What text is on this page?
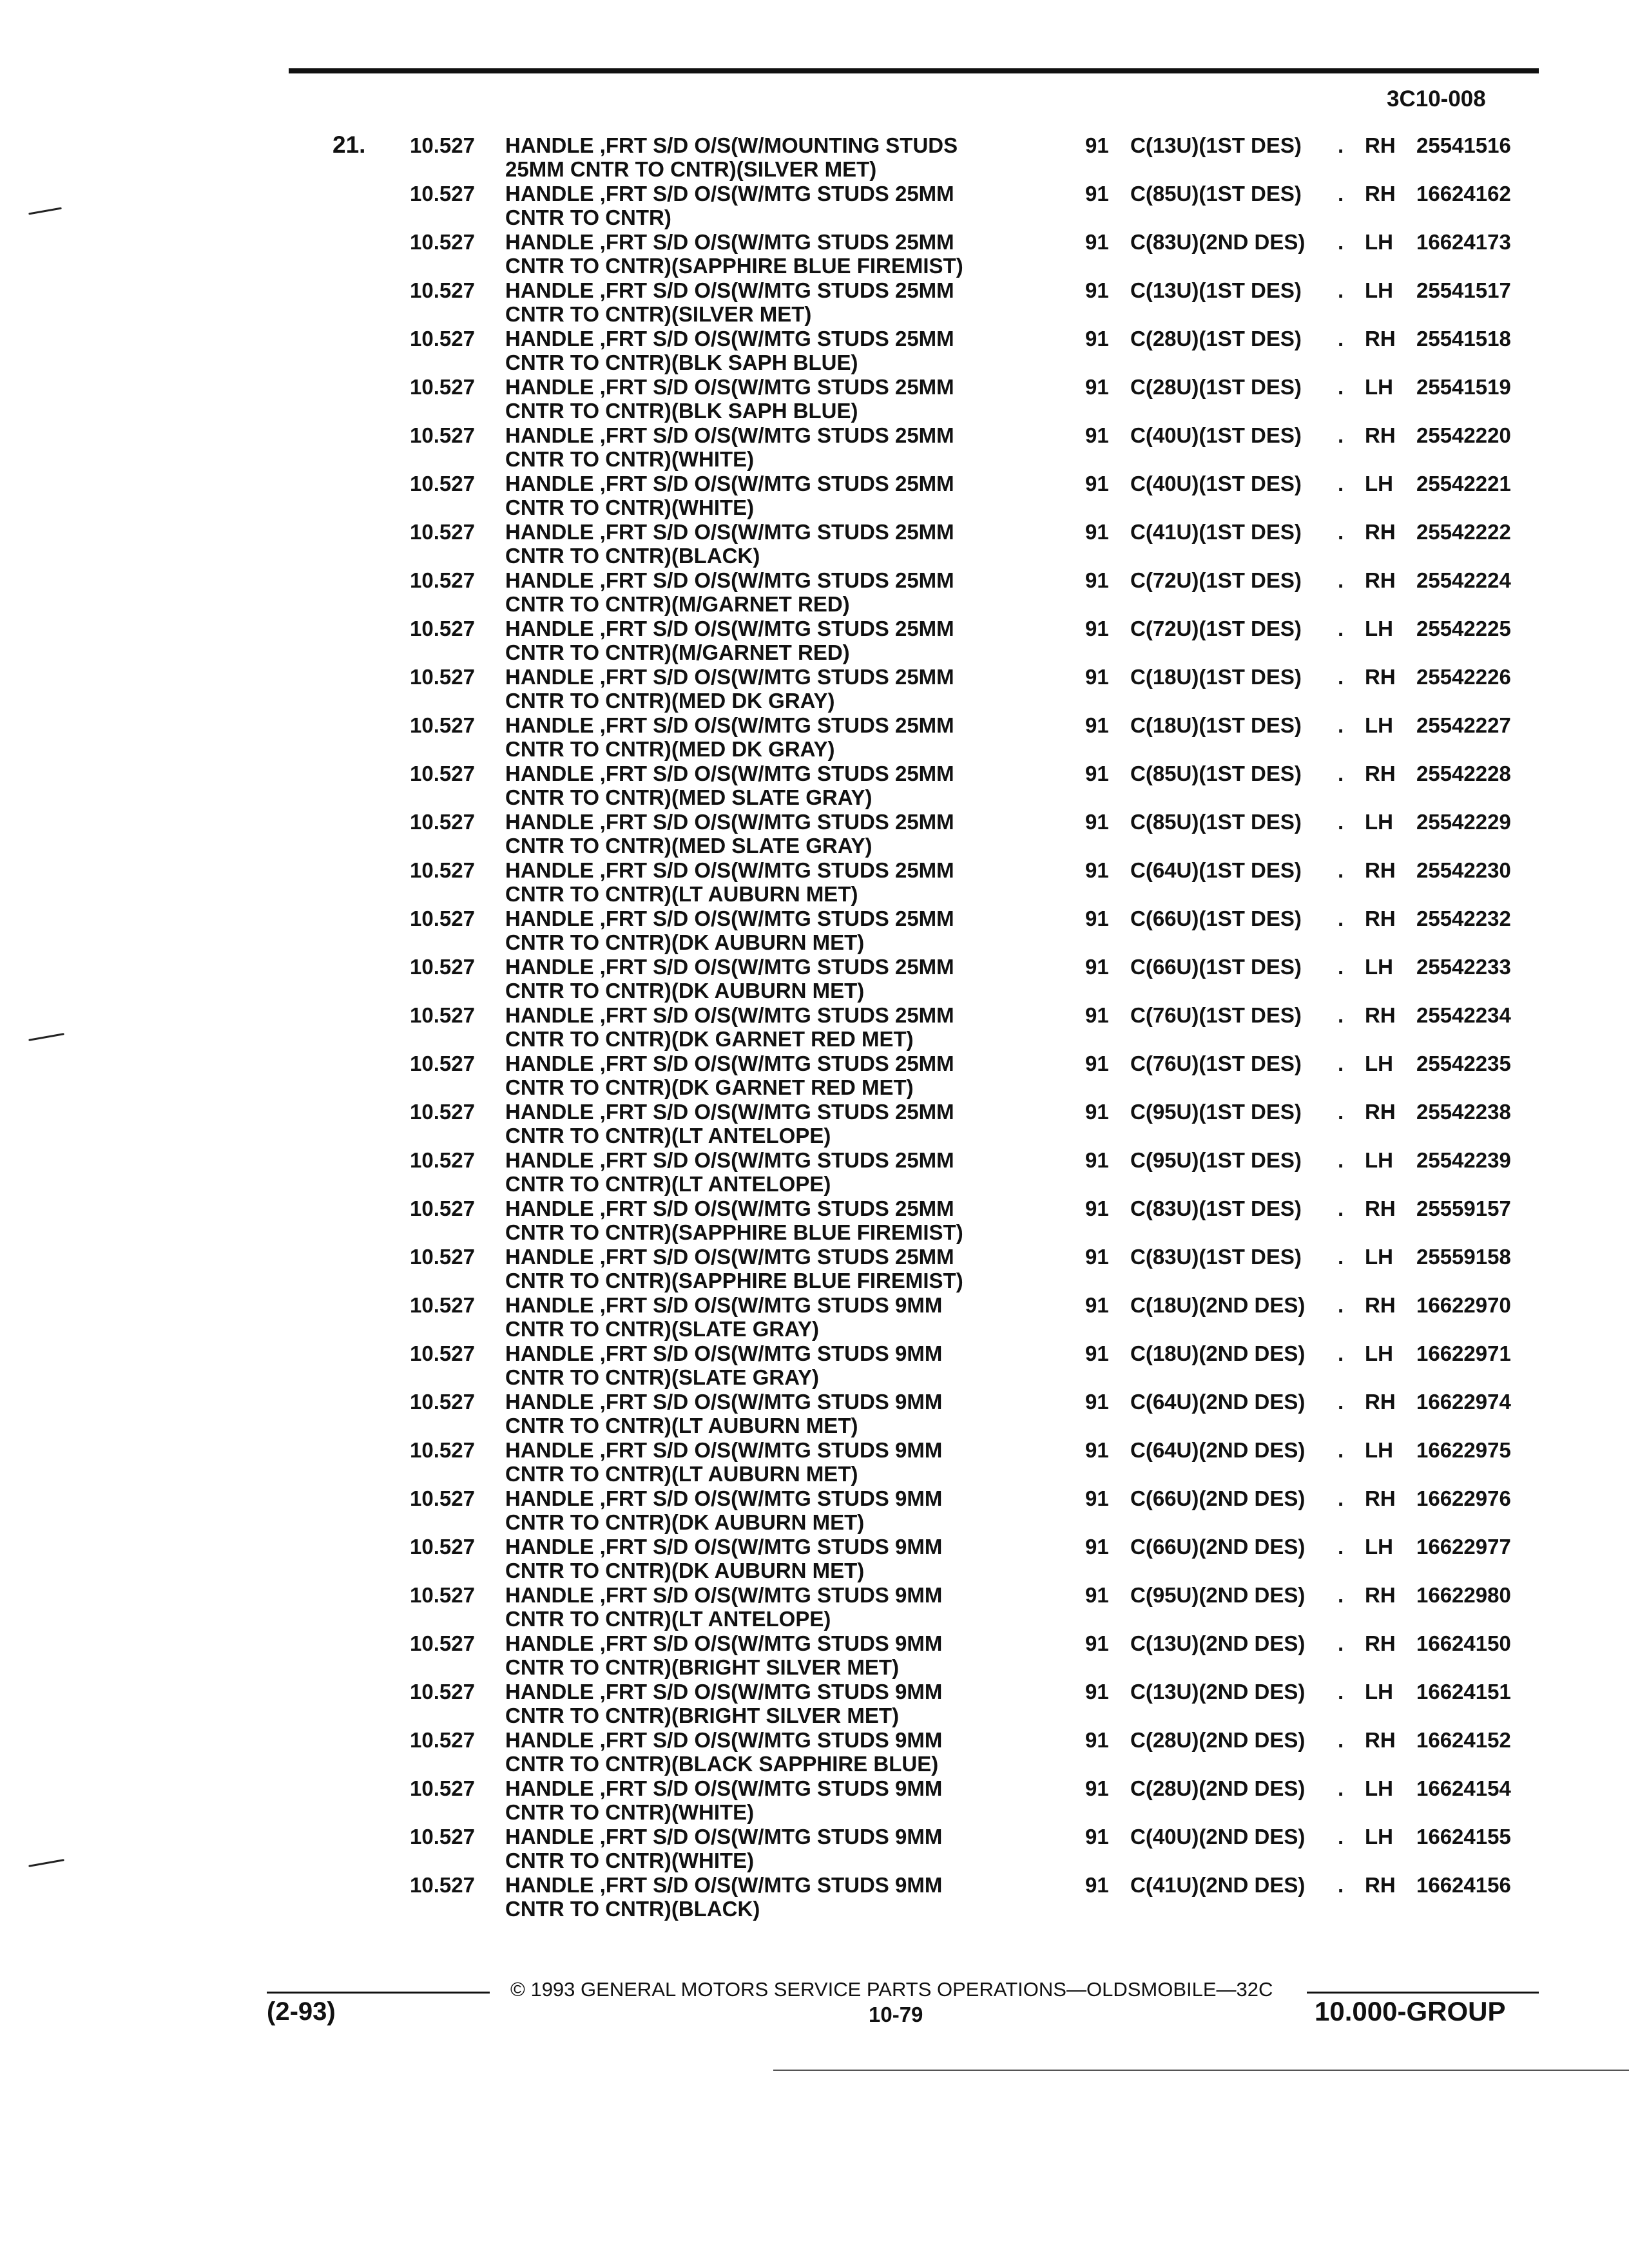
3C10-008
21. 10.527 HANDLE ,FRT S/D O/S(W/MOUNTING STUDS
25MM CNTR TO CNTR)(SILVER MET)
91 C(13U)(1ST DES) . RH 25541516
10.527 HANDLE ,FRT S/D O/S(W/MTG STUDS 25MM
CNTR TO CNTR)
91 C(85U)(1ST DES) . RH 16624162
10.527 HANDLE ,FRT S/D O/S(W/MTG STUDS 25MM
CNTR TO CNTR)(SAPPHIRE BLUE FIREMIST)
91 C(83U)(2ND DES) . LH 16624173
10.527 HANDLE ,FRT S/D O/S(W/MTG STUDS 25MM
CNTR TO CNTR)(SILVER MET)
91 C(13U)(1ST DES) . LH 25541517
10.527 HANDLE ,FRT S/D O/S(W/MTG STUDS 25MM
CNTR TO CNTR)(BLK SAPH BLUE)
91 C(28U)(1ST DES) . RH 25541518
10.527 HANDLE ,FRT S/D O/S(W/MTG STUDS 25MM
CNTR TO CNTR)(BLK SAPH BLUE)
91 C(28U)(1ST DES) . LH 25541519
10.527 HANDLE ,FRT S/D O/S(W/MTG STUDS 25MM
CNTR TO CNTR)(WHITE)
91 C(40U)(1ST DES) . RH 25542220
10.527 HANDLE ,FRT S/D O/S(W/MTG STUDS 25MM
CNTR TO CNTR)(WHITE)
91 C(40U)(1ST DES) . LH 25542221
10.527 HANDLE ,FRT S/D O/S(W/MTG STUDS 25MM
CNTR TO CNTR)(BLACK)
91 C(41U)(1ST DES) . RH 25542222
10.527 HANDLE ,FRT S/D O/S(W/MTG STUDS 25MM
CNTR TO CNTR)(M/GARNET RED)
91 C(72U)(1ST DES) . RH 25542224
10.527 HANDLE ,FRT S/D O/S(W/MTG STUDS 25MM
CNTR TO CNTR)(M/GARNET RED)
91 C(72U)(1ST DES) . LH 25542225
10.527 HANDLE ,FRT S/D O/S(W/MTG STUDS 25MM
CNTR TO CNTR)(MED DK GRAY)
91 C(18U)(1ST DES) . RH 25542226
10.527 HANDLE ,FRT S/D O/S(W/MTG STUDS 25MM
CNTR TO CNTR)(MED DK GRAY)
91 C(18U)(1ST DES) . LH 25542227
10.527 HANDLE ,FRT S/D O/S(W/MTG STUDS 25MM
CNTR TO CNTR)(MED SLATE GRAY)
91 C(85U)(1ST DES) . RH 25542228
10.527 HANDLE ,FRT S/D O/S(W/MTG STUDS 25MM
CNTR TO CNTR)(MED SLATE GRAY)
91 C(85U)(1ST DES) . LH 25542229
10.527 HANDLE ,FRT S/D O/S(W/MTG STUDS 25MM
CNTR TO CNTR)(LT AUBURN MET)
91 C(64U)(1ST DES) . RH 25542230
10.527 HANDLE ,FRT S/D O/S(W/MTG STUDS 25MM
CNTR TO CNTR)(DK AUBURN MET)
91 C(66U)(1ST DES) . RH 25542232
10.527 HANDLE ,FRT S/D O/S(W/MTG STUDS 25MM
CNTR TO CNTR)(DK AUBURN MET)
91 C(66U)(1ST DES) . LH 25542233
10.527 HANDLE ,FRT S/D O/S(W/MTG STUDS 25MM
CNTR TO CNTR)(DK GARNET RED MET)
91 C(76U)(1ST DES) . RH 25542234
10.527 HANDLE ,FRT S/D O/S(W/MTG STUDS 25MM
CNTR TO CNTR)(DK GARNET RED MET)
91 C(76U)(1ST DES) . LH 25542235
10.527 HANDLE ,FRT S/D O/S(W/MTG STUDS 25MM
CNTR TO CNTR)(LT ANTELOPE)
91 C(95U)(1ST DES) . RH 25542238
10.527 HANDLE ,FRT S/D O/S(W/MTG STUDS 25MM
CNTR TO CNTR)(LT ANTELOPE)
91 C(95U)(1ST DES) . LH 25542239
10.527 HANDLE ,FRT S/D O/S(W/MTG STUDS 25MM
CNTR TO CNTR)(SAPPHIRE BLUE FIREMIST)
91 C(83U)(1ST DES) . RH 25559157
10.527 HANDLE ,FRT S/D O/S(W/MTG STUDS 25MM
CNTR TO CNTR)(SAPPHIRE BLUE FIREMIST)
91 C(83U)(1ST DES) . LH 25559158
10.527 HANDLE ,FRT S/D O/S(W/MTG STUDS 9MM
CNTR TO CNTR)(SLATE GRAY)
91 C(18U)(2ND DES) . RH 16622970
10.527 HANDLE ,FRT S/D O/S(W/MTG STUDS 9MM
CNTR TO CNTR)(SLATE GRAY)
91 C(18U)(2ND DES) . LH 16622971
10.527 HANDLE ,FRT S/D O/S(W/MTG STUDS 9MM
CNTR TO CNTR)(LT AUBURN MET)
91 C(64U)(2ND DES) . RH 16622974
10.527 HANDLE ,FRT S/D O/S(W/MTG STUDS 9MM
CNTR TO CNTR)(LT AUBURN MET)
91 C(64U)(2ND DES) . LH 16622975
10.527 HANDLE ,FRT S/D O/S(W/MTG STUDS 9MM
CNTR TO CNTR)(DK AUBURN MET)
91 C(66U)(2ND DES) . RH 16622976
10.527 HANDLE ,FRT S/D O/S(W/MTG STUDS 9MM
CNTR TO CNTR)(DK AUBURN MET)
91 C(66U)(2ND DES) . LH 16622977
10.527 HANDLE ,FRT S/D O/S(W/MTG STUDS 9MM
CNTR TO CNTR)(LT ANTELOPE)
91 C(95U)(2ND DES) . RH 16622980
10.527 HANDLE ,FRT S/D O/S(W/MTG STUDS 9MM
CNTR TO CNTR)(BRIGHT SILVER MET)
91 C(13U)(2ND DES) . RH 16624150
10.527 HANDLE ,FRT S/D O/S(W/MTG STUDS 9MM
CNTR TO CNTR)(BRIGHT SILVER MET)
91 C(13U)(2ND DES) . LH 16624151
10.527 HANDLE ,FRT S/D O/S(W/MTG STUDS 9MM
CNTR TO CNTR)(BLACK SAPPHIRE BLUE)
91 C(28U)(2ND DES) . RH 16624152
10.527 HANDLE ,FRT S/D O/S(W/MTG STUDS 9MM
CNTR TO CNTR)(WHITE)
91 C(28U)(2ND DES) . LH 16624154
10.527 HANDLE ,FRT S/D O/S(W/MTG STUDS 9MM
CNTR TO CNTR)(WHITE)
91 C(40U)(2ND DES) . LH 16624155
10.527 HANDLE ,FRT S/D O/S(W/MTG STUDS 9MM
CNTR TO CNTR)(BLACK)
91 C(41U)(2ND DES) . RH 16624156
© 1993 GENERAL MOTORS SERVICE PARTS OPERATIONS—OLDSMOBILE—32C
(2-93)	10-79	10.000-GROUP
